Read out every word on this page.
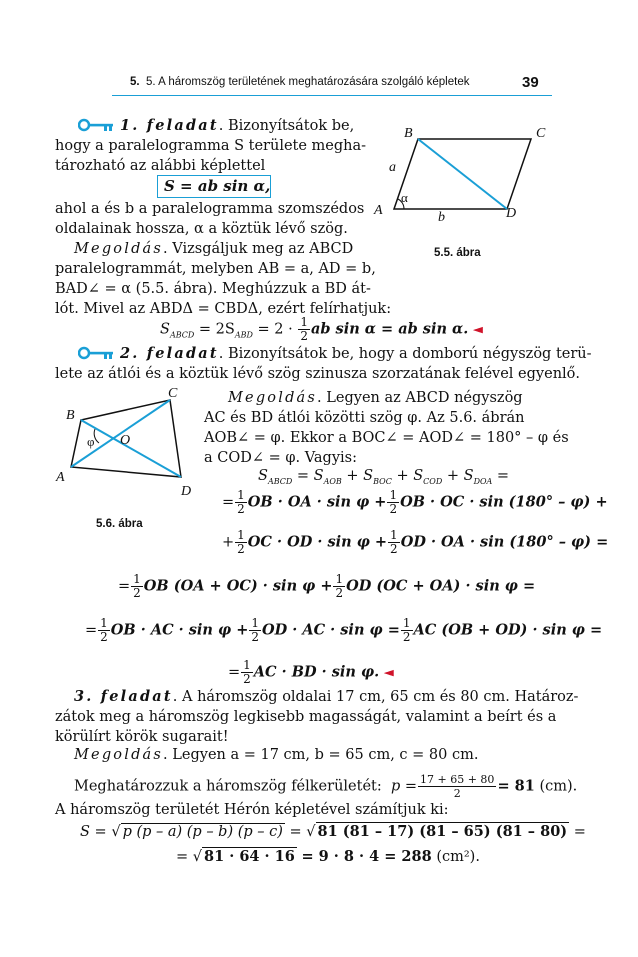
5. 5. A háromszög területének meghatározására szolgáló képletek	39

1. feladat. Bizonyítsátok be,

hogy a paralelogramma S területe megha-

tározható az alábbi képlettel

S = ab sin α,

ahol a és b a paralelogramma szomszédos

oldalainak hossza, α a köztük lévő szög.

Megoldás. Vizsgáljuk meg az ABCD

paralelogrammát, melyben AB = a, AD = b,

BAD∠ = α (5.5. ábra). Meghúzzuk a BD át-

lót. Mivel az ABDΔ = CBDΔ, ezért felírhatjuk:

$S_{ABCD} = 2S_{ABD} = 2 \cdot \frac{1}{2}$ ab sin α = ab sin α. ◄

A
B	C
D
a
b
α
5.5. ábra

2. feladat. Bizonyítsátok be, hogy a domború négyszög terü-

lete az átlói és a köztük lévő szög szinusza szorzatának felével egyenlő.

A
B
C
D
O
φ
5.6. ábra

Megoldás. Legyen az ABCD négyszög

AC és BD átlói közötti szög φ. Az 5.6. ábrán

AOB∠ = φ. Ekkor a BOC∠ = AOD∠ = 180° – φ és

a COD∠ = φ. Vagyis:

$S_{ABCD} = S_{AOB} + S_{BOC} + S_{COD} + S_{DOA}$ =

= $\frac{1}{2}$ OB · OA · $\sin \varphi + \frac{1}{2}$ OB · OC · sin (180° – φ) +

+ $\frac{1}{2}$ OC · OD · $\sin \varphi + \frac{1}{2}$ OD · OA · sin (180° – φ) =

= $\frac{1}{2}$ OB $(OA + OC) \cdot \sin \varphi + \frac{1}{2}$ OD (OC + OA) · sin φ =

= $\frac{1}{2}$ OB · AC · $\sin \varphi + \frac{1}{2}$ OD · AC · $\sin \varphi = \frac{1}{2}$ AC (OB + OD) · sin φ =

= $\frac{1}{2}$ AC · BD · sin φ. ◄

3. feladat. A háromszög oldalai 17 cm, 65 cm és 80 cm. Határoz-

zátok meg a háromszög legkisebb magasságát, valamint a beírt és a

körülírt körök sugarait!

Megoldás. Legyen a = 17 cm, b = 65 cm, c = 80 cm.

Meghatározzuk a háromszög félkerületét: $p = \frac{17 + 65 + 80}{2} = 81$ (cm).

A háromszög területét Hérón képletével számítjuk ki:

S = √ p (p – a) (p – b) (p – c) = √ 81 (81 – 17) (81 – 65) (81 – 80) =

= √ 81 · 64 · 16 = 9 · 8 · 4 = 288 (cm²).
